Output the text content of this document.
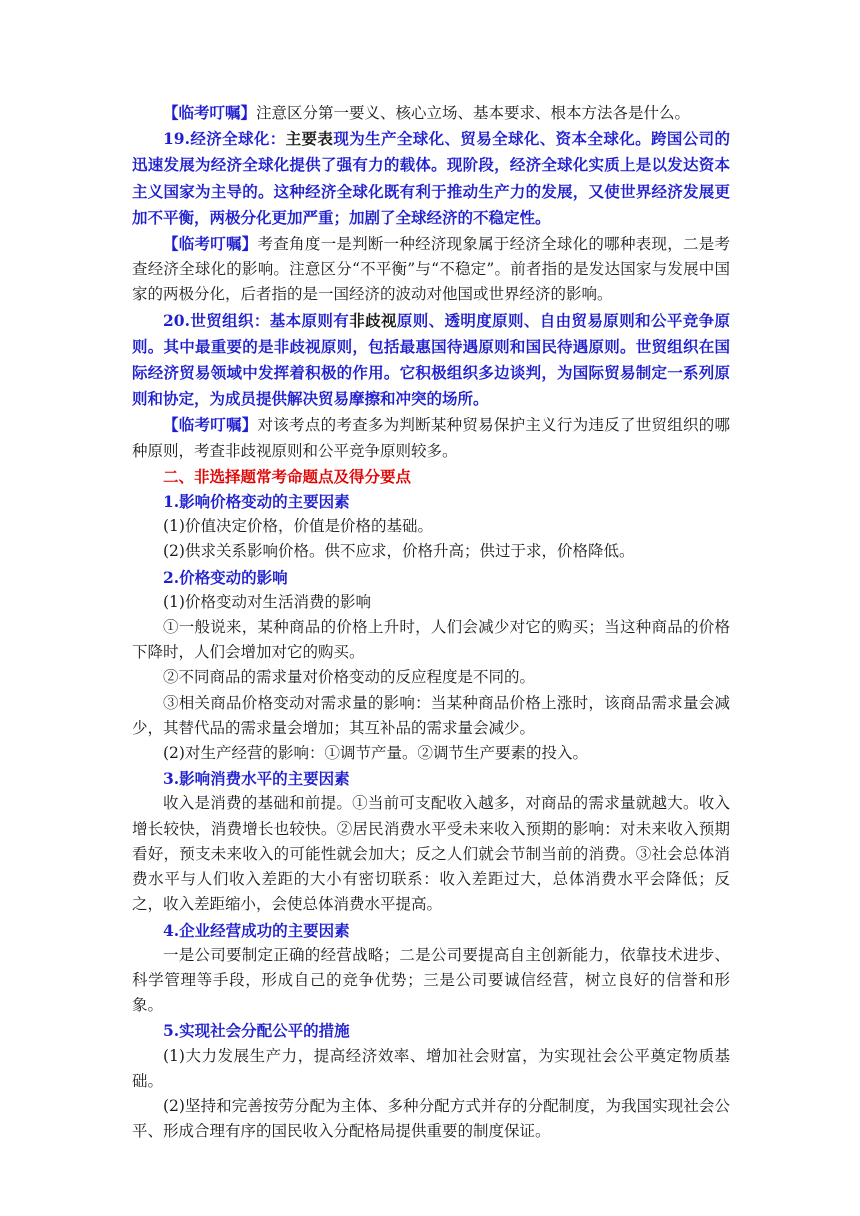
【临考叮嘱】注意区分第一要义、核心立场、基本要求、根本方法各是什么。

19.经济全球化：主要表现为生产全球化、贸易全球化、资本全球化。跨国公司的迅速发展为经济全球化提供了强有力的载体。现阶段，经济全球化实质上是以发达资本主义国家为主导的。这种经济全球化既有利于推动生产力的发展，又使世界经济发展更加不平衡，两极分化更加严重；加剧了全球经济的不稳定性。

【临考叮嘱】考查角度一是判断一种经济现象属于经济全球化的哪种表现，二是考查经济全球化的影响。注意区分“不平衡”与“不稳定”。前者指的是发达国家与发展中国家的两极分化，后者指的是一国经济的波动对他国或世界经济的影响。

20.世贸组织：基本原则有非歧视原则、透明度原则、自由贸易原则和公平竞争原则。其中最重要的是非歧视原则，包括最惠国待遇原则和国民待遇原则。世贸组织在国际经济贸易领域中发挥着积极的作用。它积极组织多边谈判，为国际贸易制定一系列原则和协定，为成员提供解决贸易摩擦和冲突的场所。

【临考叮嘱】对该考点的考查多为判断某种贸易保护主义行为违反了世贸组织的哪种原则，考查非歧视原则和公平竞争原则较多。

二、非选择题常考命题点及得分要点

1.影响价格变动的主要因素

(1)价值决定价格，价值是价格的基础。

(2)供求关系影响价格。供不应求，价格升高；供过于求，价格降低。

2.价格变动的影响

(1)价格变动对生活消费的影响

①一般说来，某种商品的价格上升时，人们会减少对它的购买；当这种商品的价格下降时，人们会增加对它的购买。

②不同商品的需求量对价格变动的反应程度是不同的。

③相关商品价格变动对需求量的影响：当某种商品价格上涨时，该商品需求量会减少，其替代品的需求量会增加；其互补品的需求量会减少。

(2)对生产经营的影响：①调节产量。②调节生产要素的投入。

3.影响消费水平的主要因素

收入是消费的基础和前提。①当前可支配收入越多，对商品的需求量就越大。收入增长较快，消费增长也较快。②居民消费水平受未来收入预期的影响：对未来收入预期看好，预支未来收入的可能性就会加大；反之人们就会节制当前的消费。③社会总体消费水平与人们收入差距的大小有密切联系：收入差距过大，总体消费水平会降低；反之，收入差距缩小，会使总体消费水平提高。

4.企业经营成功的主要因素

一是公司要制定正确的经营战略；二是公司要提高自主创新能力，依靠技术进步、科学管理等手段，形成自己的竞争优势；三是公司要诚信经营，树立良好的信誉和形象。

5.实现社会分配公平的措施

(1)大力发展生产力，提高经济效率、增加社会财富，为实现社会公平奠定物质基础。

(2)坚持和完善按劳分配为主体、多种分配方式并存的分配制度，为我国实现社会公平、形成合理有序的国民收入分配格局提供重要的制度保证。
